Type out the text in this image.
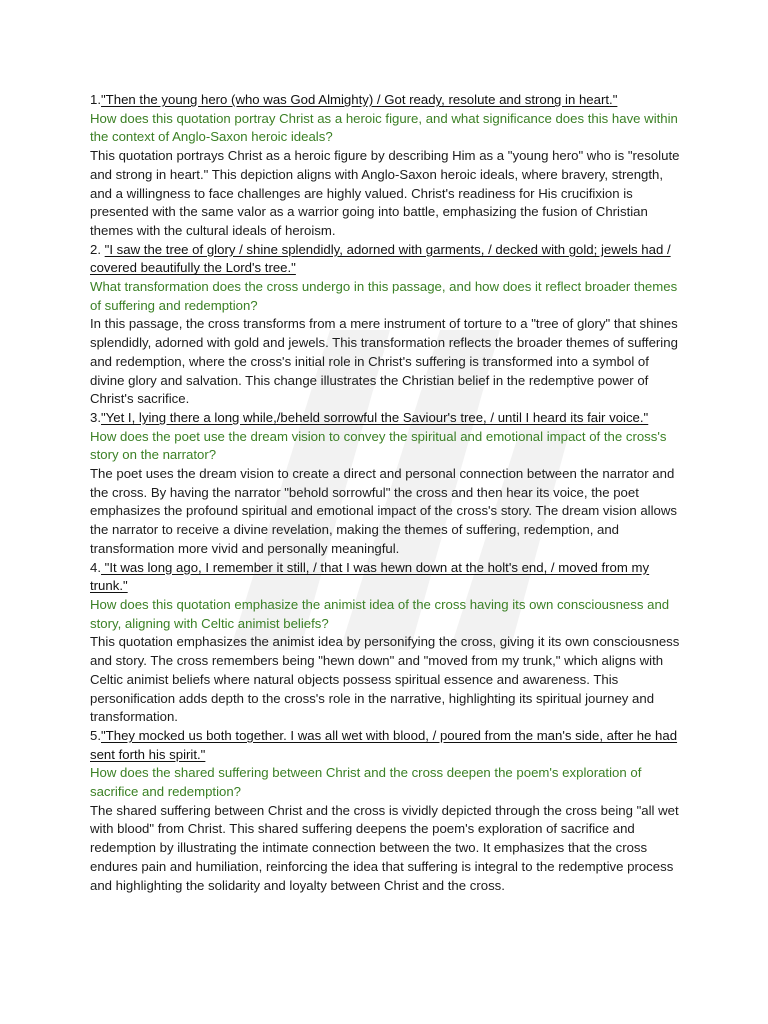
1."Then the young hero (who was God Almighty) / Got ready, resolute and strong in heart."

How does this quotation portray Christ as a heroic figure, and what significance does this have within the context of Anglo-Saxon heroic ideals?

This quotation portrays Christ as a heroic figure by describing Him as a "young hero" who is "resolute and strong in heart." This depiction aligns with Anglo-Saxon heroic ideals, where bravery, strength, and a willingness to face challenges are highly valued. Christ's readiness for His crucifixion is presented with the same valor as a warrior going into battle, emphasizing the fusion of Christian themes with the cultural ideals of heroism.

2. "I saw the tree of glory / shine splendidly, adorned with garments, / decked with gold; jewels had / covered beautifully the Lord's tree."

What transformation does the cross undergo in this passage, and how does it reflect broader themes of suffering and redemption?

In this passage, the cross transforms from a mere instrument of torture to a "tree of glory" that shines splendidly, adorned with gold and jewels. This transformation reflects the broader themes of suffering and redemption, where the cross's initial role in Christ's suffering is transformed into a symbol of divine glory and salvation. This change illustrates the Christian belief in the redemptive power of Christ's sacrifice.

3."Yet I, lying there a long while,/beheld sorrowful the Saviour's tree, / until I heard its fair voice."

How does the poet use the dream vision to convey the spiritual and emotional impact of the cross's story on the narrator?

The poet uses the dream vision to create a direct and personal connection between the narrator and the cross. By having the narrator "behold sorrowful" the cross and then hear its voice, the poet emphasizes the profound spiritual and emotional impact of the cross's story. The dream vision allows the narrator to receive a divine revelation, making the themes of suffering, redemption, and transformation more vivid and personally meaningful.

4. "It was long ago, I remember it still, / that I was hewn down at the holt's end, / moved from my trunk."

How does this quotation emphasize the animist idea of the cross having its own consciousness and story, aligning with Celtic animist beliefs?

This quotation emphasizes the animist idea by personifying the cross, giving it its own consciousness and story. The cross remembers being "hewn down" and "moved from my trunk," which aligns with Celtic animist beliefs where natural objects possess spiritual essence and awareness. This personification adds depth to the cross's role in the narrative, highlighting its spiritual journey and transformation.

5."They mocked us both together. I was all wet with blood, / poured from the man's side, after he had sent forth his spirit."

How does the shared suffering between Christ and the cross deepen the poem's exploration of sacrifice and redemption?

The shared suffering between Christ and the cross is vividly depicted through the cross being "all wet with blood" from Christ. This shared suffering deepens the poem's exploration of sacrifice and redemption by illustrating the intimate connection between the two. It emphasizes that the cross endures pain and humiliation, reinforcing the idea that suffering is integral to the redemptive process and highlighting the solidarity and loyalty between Christ and the cross.
